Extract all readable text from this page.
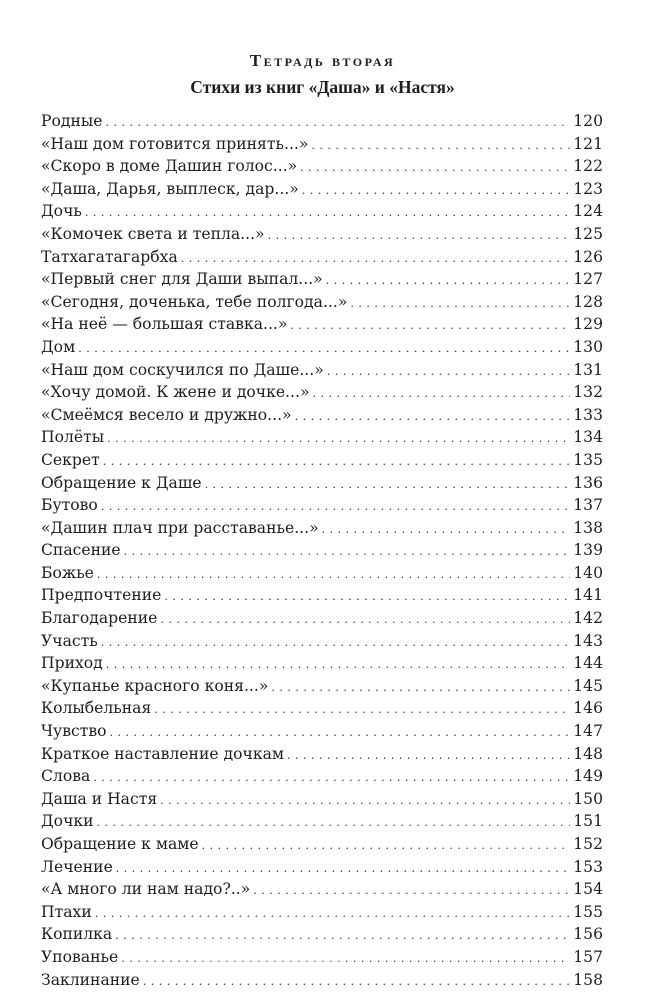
Тетрадь вторая
Стихи из книг «Даша» и «Настя»
Родные . . .	120
«Наш дом готовится принять...» . . .	121
«Скоро в доме Дашин голос...» . . .	122
«Даша, Дарья, выплеск, дар...» . . .	123
Дочь . . .	124
«Комочек света и тепла...» . . .	125
Татхагатагарбха . . .	126
«Первый снег для Даши выпал...» . . .	127
«Сегодня, доченька, тебе полгода...» . . .	128
«На неё — большая ставка...» . . .	129
Дом . . .	130
«Наш дом соскучился по Даше...» . . .	131
«Хочу домой. К жене и дочке...» . . .	132
«Смеёмся весело и дружно...» . . .	133
Полёты . . .	134
Секрет . . .	135
Обращение к Даше . . .	136
Бутово . . .	137
«Дашин плач при расставанье...» . . .	138
Спасение . . .	139
Божье . . .	140
Предпочтение . . .	141
Благодарение . . .	142
Участь . . .	143
Приход . . .	144
«Купанье красного коня...» . . .	145
Колыбельная . . .	146
Чувство . . .	147
Краткое наставление дочкам . . .	148
Слова . . .	149
Даша и Настя . . .	150
Дочки . . .	151
Обращение к маме . . .	152
Лечение . . .	153
«А много ли нам надо?..» . . .	154
Птахи . . .	155
Копилка . . .	156
Упованье . . .	157
Заклинание . . .	158
